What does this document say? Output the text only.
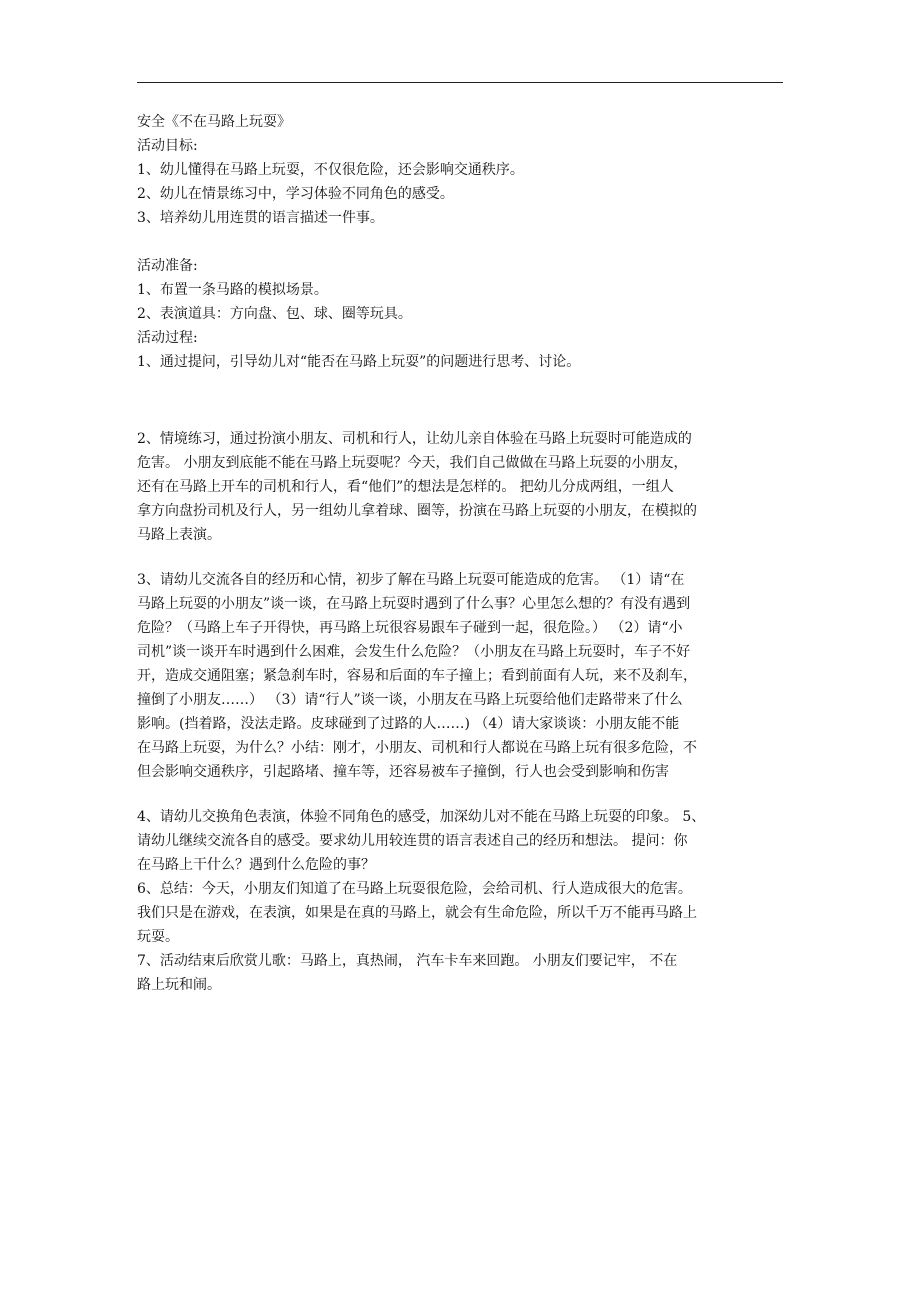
安全《不在马路上玩耍》

活动目标:

1、幼儿懂得在马路上玩耍，不仅很危险，还会影响交通秩序。

2、幼儿在情景练习中，学习体验不同角色的感受。

3、培养幼儿用连贯的语言描述一件事。

活动准备:

1、布置一条马路的模拟场景。

2、表演道具：方向盘、包、球、圈等玩具。

活动过程:

1、通过提问，引导幼儿对“能否在马路上玩耍”的问题进行思考、讨论。

2、情境练习，通过扮演小朋友、司机和行人，让幼儿亲自体验在马路上玩耍时可能造成的

危害。 小朋友到底能不能在马路上玩耍呢？今天，我们自己做做在马路上玩耍的小朋友，

还有在马路上开车的司机和行人，看“他们”的想法是怎样的。 把幼儿分成两组，一组人

拿方向盘扮司机及行人，另一组幼儿拿着球、圈等，扮演在马路上玩耍的小朋友，在模拟的

马路上表演。

3、请幼儿交流各自的经历和心情，初步了解在马路上玩耍可能造成的危害。 （1）请“在

马路上玩耍的小朋友”谈一谈，在马路上玩耍时遇到了什么事？心里怎么想的？有没有遇到

危险？（马路上车子开得快，再马路上玩很容易跟车子碰到一起，很危险。） （2）请“小

司机”谈一谈开车时遇到什么困难，会发生什么危险？（小朋友在马路上玩耍时，车子不好

开，造成交通阻塞；紧急刹车时，容易和后面的车子撞上；看到前面有人玩，来不及刹车，

撞倒了小朋友……） （3）请“行人”谈一谈，小朋友在马路上玩耍给他们走路带来了什么

影响。(挡着路，没法走路。皮球碰到了过路的人……) （4）请大家谈谈：小朋友能不能

在马路上玩耍，为什么？小结：刚才，小朋友、司机和行人都说在马路上玩有很多危险，不

但会影响交通秩序，引起路堵、撞车等，还容易被车子撞倒，行人也会受到影响和伤害

4、请幼儿交换角色表演，体验不同角色的感受，加深幼儿对不能在马路上玩耍的印象。 5、

请幼儿继续交流各自的感受。要求幼儿用较连贯的语言表述自己的经历和想法。 提问：你

在马路上干什么？遇到什么危险的事？

6、总结：今天，小朋友们知道了在马路上玩耍很危险，会给司机、行人造成很大的危害。

我们只是在游戏，在表演，如果是在真的马路上，就会有生命危险，所以千万不能再马路上

玩耍。

7、活动结束后欣赏儿歌：马路上，真热闹， 汽车卡车来回跑。 小朋友们要记牢， 不在

路上玩和闹。
